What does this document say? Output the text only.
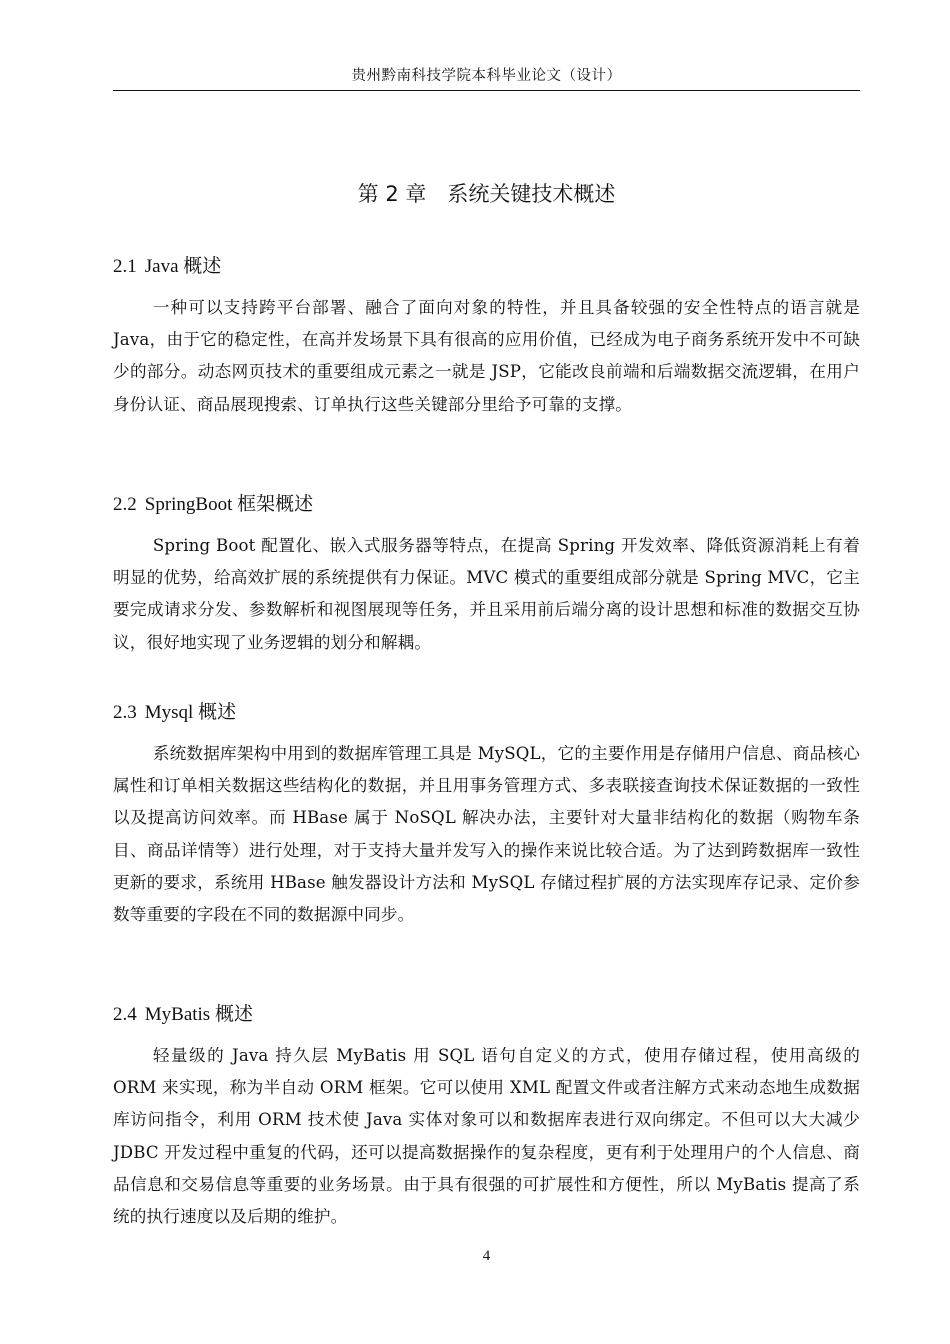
贵州黔南科技学院本科毕业论文（设计）
第 2 章　系统关键技术概述
2.1 Java 概述

一种可以支持跨平台部署、融合了面向对象的特性，并且具备较强的安全性特点的语言就是 Java，由于它的稳定性，在高并发场景下具有很高的应用价值，已经成为电子商务系统开发中不可缺少的部分。动态网页技术的重要组成元素之一就是 JSP，它能改良前端和后端数据交流逻辑，在用户身份认证、商品展现搜索、订单执行这些关键部分里给予可靠的支撑。

2.2 SpringBoot 框架概述

Spring Boot 配置化、嵌入式服务器等特点，在提高 Spring 开发效率、降低资源消耗上有着明显的优势，给高效扩展的系统提供有力保证。MVC 模式的重要组成部分就是 Spring MVC，它主要完成请求分发、参数解析和视图展现等任务，并且采用前后端分离的设计思想和标准的数据交互协议，很好地实现了业务逻辑的划分和解耦。

2.3 Mysql 概述

系统数据库架构中用到的数据库管理工具是 MySQL，它的主要作用是存储用户信息、商品核心属性和订单相关数据这些结构化的数据，并且用事务管理方式、多表联接查询技术保证数据的一致性以及提高访问效率。而 HBase 属于 NoSQL 解决办法，主要针对大量非结构化的数据（购物车条目、商品详情等）进行处理，对于支持大量并发写入的操作来说比较合适。为了达到跨数据库一致性更新的要求，系统用 HBase 触发器设计方法和 MySQL 存储过程扩展的方法实现库存记录、定价参数等重要的字段在不同的数据源中同步。

2.4 MyBatis 概述

轻量级的 Java 持久层 MyBatis 用 SQL 语句自定义的方式，使用存储过程，使用高级的 ORM 来实现，称为半自动 ORM 框架。它可以使用 XML 配置文件或者注解方式来动态地生成数据库访问指令，利用 ORM 技术使 Java 实体对象可以和数据库表进行双向绑定。不但可以大大减少 JDBC 开发过程中重复的代码，还可以提高数据操作的复杂程度，更有利于处理用户的个人信息、商品信息和交易信息等重要的业务场景。由于具有很强的可扩展性和方便性，所以 MyBatis 提高了系统的执行速度以及后期的维护。

4
